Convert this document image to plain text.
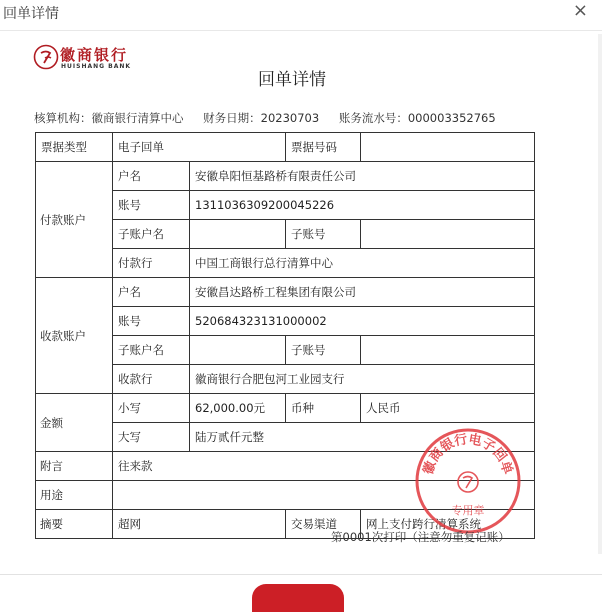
回单详情	×
徽商银行
HUISHANG BANK
回单详情
核算机构：徽商银行清算中心 财务日期：20230703 账务流水号：000003352765
票据类型	电子回单		票据号码	
付款账户	户名	安徽阜阳恒基路桥有限责任公司		
	账号	1311036309200045226		
	子账户名		子账号	
	付款行	中国工商银行总行清算中心		
收款账户	户名	安徽昌达路桥工程集团有限公司		
	账号	520684323131000002		
	子账户名		子账号	
	收款行	徽商银行合肥包河工业园支行		
金额	小写	62,000.00元	币种	人民币
	大写	陆万贰仟元整		
附言	往来款			
用途				
摘要	超网		交易渠道	网上支付跨行清算系统
徽商银行电子回单
专用章
第0001次打印（注意勿重复记账）
